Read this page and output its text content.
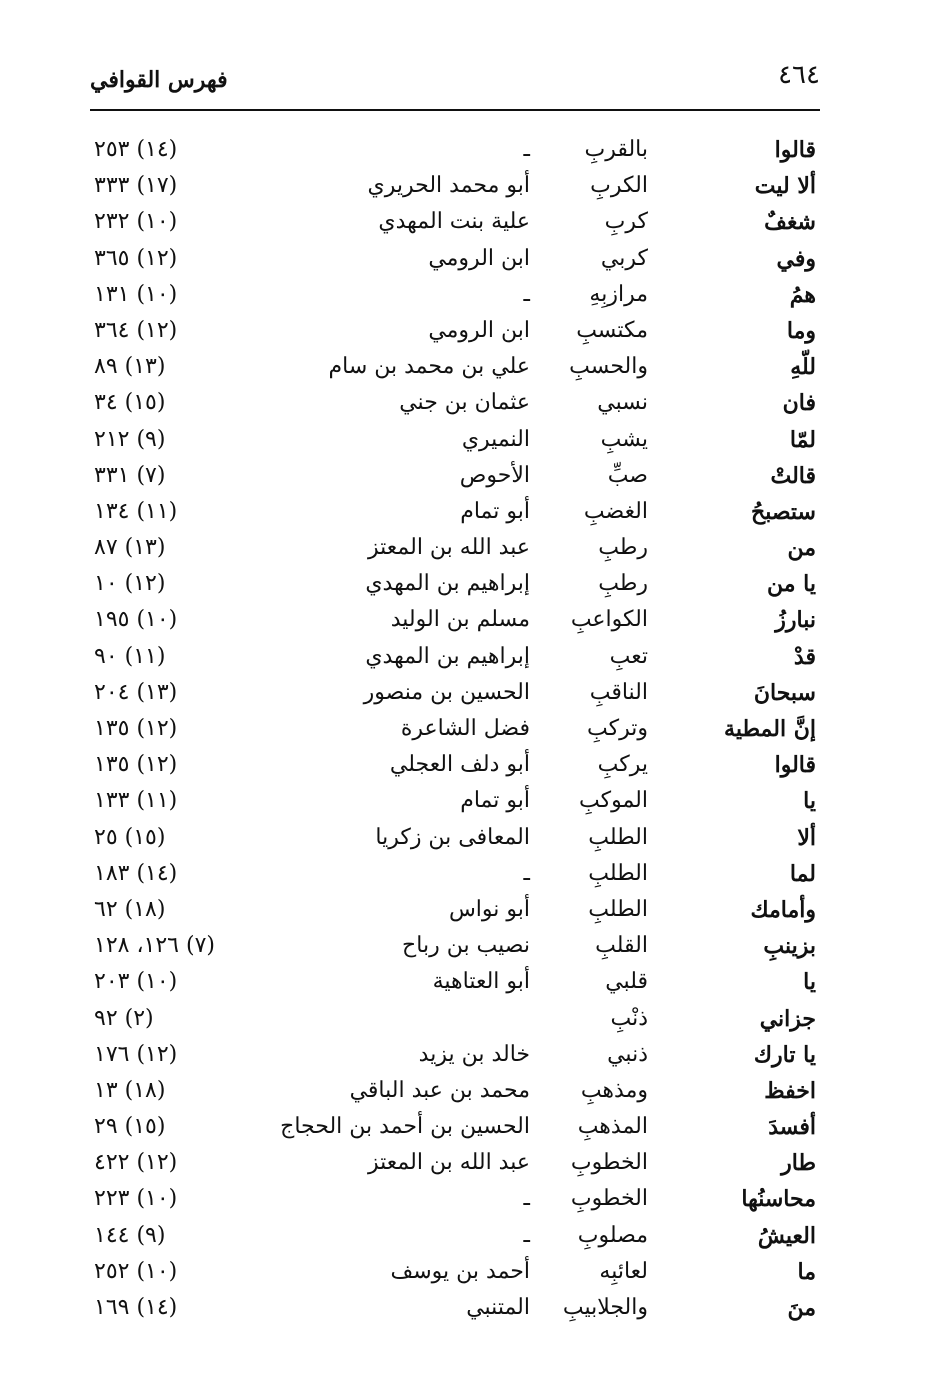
٤٦٤
فهرس القوافي
قالوا
بالقربِ
ـ
(١٤) ٢٥٣
ألا ليت
الكربِ
أبو محمد الحريري
(١٧) ٣٣٣
شغفٌ
كربِ
علية بنت المهدي
(١٠) ٢٣٢
وفي
كربي
ابن الرومي
(١٢) ٣٦٥
همُ
مرازبِهِ
ـ
(١٠) ١٣١
وما
مكتسبِ
ابن الرومي
(١٢) ٣٦٤
للّهِ
والحسبِ
علي بن محمد بن سام
(١٣) ٨٩
فان
نسبي
عثمان بن جني
(١٥) ٣٤
لمّا
يشبِ
النميري
(٩) ٢١٢
قالتْ
صبِّ
الأحوص
(٧) ٣٣١
ستصبحُ
الغضبِ
أبو تمام
(١١) ١٣٤
من
رطبِ
عبد الله بن المعتز
(١٣) ٨٧
يا من
رطبِ
إبراهيم بن المهدي
(١٢) ١٠
نبارزُ
الكواعبِ
مسلم بن الوليد
(١٠) ١٩٥
قدْ
تعبِ
إبراهيم بن المهدي
(١١) ٩٠
سبحانَ
الناقبِ
الحسين بن منصور
(١٣) ٢٠٤
إنَّ المطية
وتركبِ
فضل الشاعرة
(١٢) ١٣٥
قالوا
يركبِ
أبو دلف العجلي
(١٢) ١٣٥
يا
الموكبِ
أبو تمام
(١١) ١٣٣
ألا
الطلبِ
المعافى بن زكريا
(١٥) ٢٥
لما
الطلبِ
ـ
(١٤) ١٨٣
وأمامك
الطلبِ
أبو نواس
(١٨) ٦٢
بزينبِ
القلبِ
نصيب بن رباح
(٧) ١٢٦، ١٢٨
يا
قلبي
أبو العتاهية
(١٠) ٢٠٣
جزاني
ذنْبِ
(٢) ٩٢
يا تارك
ذنبي
خالد بن يزيد
(١٢) ١٧٦
اخفظ
ومذهبِ
محمد بن عبد الباقي
(١٨) ١٣
أفسدَ
المذهبِ
الحسين بن أحمد بن الحجاج
(١٥) ٢٩
طار
الخطوبِ
عبد الله بن المعتز
(١٢) ٤٢٢
محاسنُها
الخطوبِ
ـ
(١٠) ٢٢٣
العيشُ
مصلوبِ
ـ
(٩) ١٤٤
ما
لعائبِه
أحمد بن يوسف
(١٠) ٢٥٢
منَ
والجلابيبِ
المتنبي
(١٤) ١٦٩
